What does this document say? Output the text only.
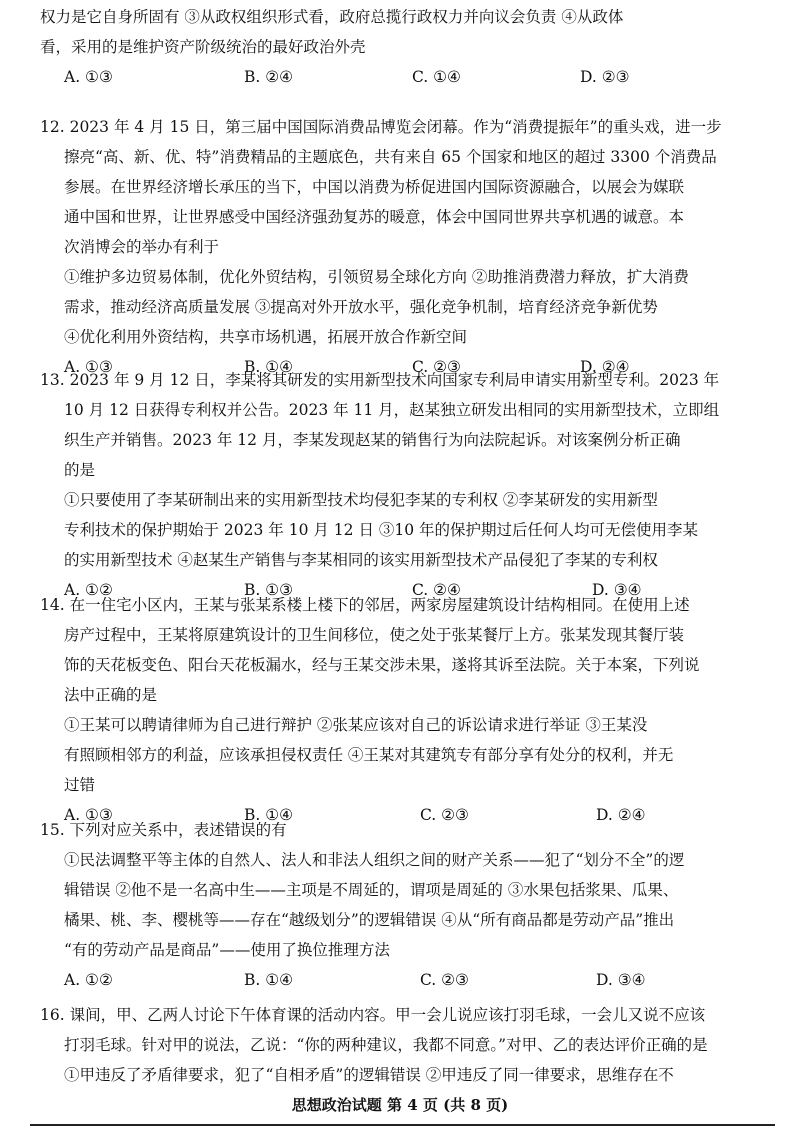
权力是它自身所固有 ③从政权组织形式看，政府总揽行政权力并向议会负责 ④从政体
看，采用的是维护资产阶级统治的最好政治外壳
A. ①③	B. ②④	C. ①④	D. ②③
12. 2023 年 4 月 15 日，第三届中国国际消费品博览会闭幕。作为“消费提振年”的重头戏，进一步
擦亮“高、新、优、特”消费精品的主题底色，共有来自 65 个国家和地区的超过 3300 个消费品
参展。在世界经济增长承压的当下，中国以消费为桥促进国内国际资源融合，以展会为媒联
通中国和世界，让世界感受中国经济强劲复苏的暖意，体会中国同世界共享机遇的诚意。本
次消博会的举办有利于
①维护多边贸易体制，优化外贸结构，引领贸易全球化方向 ②助推消费潜力释放，扩大消费
需求，推动经济高质量发展 ③提高对外开放水平，强化竞争机制，培育经济竞争新优势
④优化利用外资结构，共享市场机遇，拓展开放合作新空间
A. ①③	B. ①④	C. ②③	D. ②④
13. 2023 年 9 月 12 日，李某将其研发的实用新型技术向国家专利局申请实用新型专利。2023 年
10 月 12 日获得专利权并公告。2023 年 11 月，赵某独立研发出相同的实用新型技术，立即组
织生产并销售。2023 年 12 月，李某发现赵某的销售行为向法院起诉。对该案例分析正确
的是
①只要使用了李某研制出来的实用新型技术均侵犯李某的专利权 ②李某研发的实用新型
专利技术的保护期始于 2023 年 10 月 12 日 ③10 年的保护期过后任何人均可无偿使用李某
的实用新型技术 ④赵某生产销售与李某相同的该实用新型技术产品侵犯了李某的专利权
A. ①②	B. ①③	C. ②④	D. ③④
14. 在一住宅小区内，王某与张某系楼上楼下的邻居，两家房屋建筑设计结构相同。在使用上述
房产过程中，王某将原建筑设计的卫生间移位，使之处于张某餐厅上方。张某发现其餐厅装
饰的天花板变色、阳台天花板漏水，经与王某交涉未果，遂将其诉至法院。关于本案，下列说
法中正确的是
①王某可以聘请律师为自己进行辩护 ②张某应该对自己的诉讼请求进行举证 ③王某没
有照顾相邻方的利益，应该承担侵权责任 ④王某对其建筑专有部分享有处分的权利，并无
过错
A. ①③	B. ①④	C. ②③	D. ②④
15. 下列对应关系中，表述错误的有
①民法调整平等主体的自然人、法人和非法人组织之间的财产关系——犯了“划分不全”的逻
辑错误 ②他不是一名高中生——主项是不周延的，谓项是周延的 ③水果包括浆果、瓜果、
橘果、桃、李、樱桃等——存在“越级划分”的逻辑错误 ④从“所有商品都是劳动产品”推出
“有的劳动产品是商品”——使用了换位推理方法
A. ①②	B. ①④	C. ②③	D. ③④
16. 课间，甲、乙两人讨论下午体育课的活动内容。甲一会儿说应该打羽毛球，一会儿又说不应该
打羽毛球。针对甲的说法，乙说：“你的两种建议，我都不同意。”对甲、乙的表达评价正确的是
①甲违反了矛盾律要求，犯了“自相矛盾”的逻辑错误 ②甲违反了同一律要求，思维存在不
思想政治试题 第 4 页 (共 8 页)
